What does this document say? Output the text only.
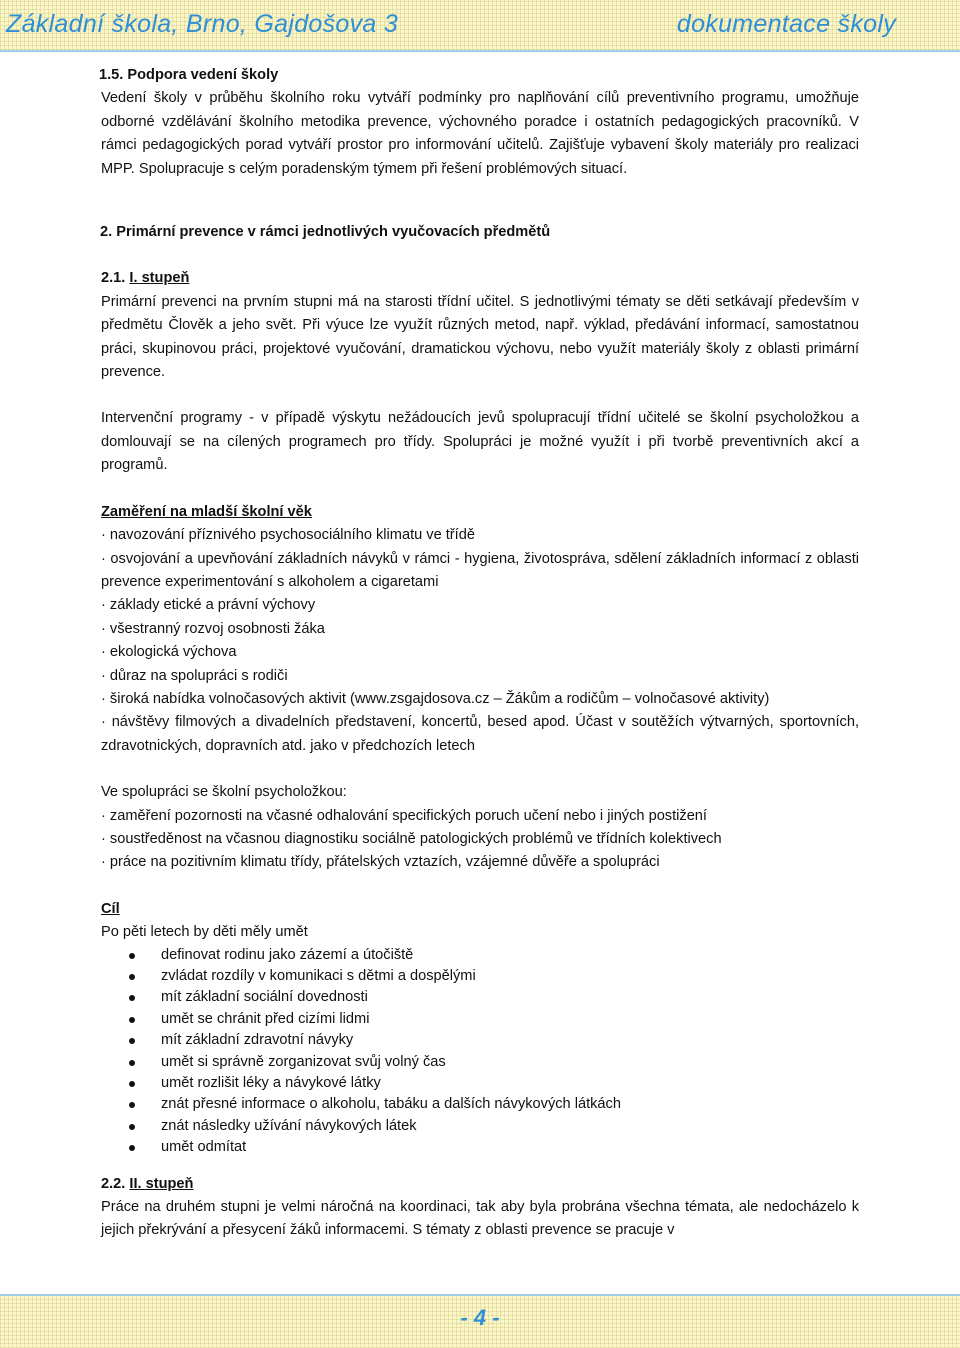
Základní škola, Brno, Gajdošova 3	dokumentace školy

1.5. Podpora vedení školy

Vedení školy v průběhu školního roku vytváří podmínky pro naplňování cílů preventivního programu, umožňuje odborné vzdělávání školního metodika prevence, výchovného poradce i ostatních pedagogických pracovníků. V rámci pedagogických porad vytváří prostor pro informování učitelů. Zajišťuje vybavení školy materiály pro realizaci MPP. Spolupracuje s celým poradenským týmem při řešení problémových situací.

2. Primární prevence v rámci jednotlivých vyučovacích předmětů

2.1. I. stupeň

Primární prevenci na prvním stupni má na starosti třídní učitel. S jednotlivými tématy se děti setkávají především v předmětu Člověk a jeho svět. Při výuce lze využít různých metod, např. výklad, předávání informací, samostatnou práci, skupinovou práci, projektové vyučování, dramatickou výchovu, nebo využít materiály školy z oblasti primární prevence.

Intervenční programy - v případě výskytu nežádoucích jevů spolupracují třídní učitelé se školní psycholožkou a domlouvají se na cílených programech pro třídy. Spolupráci je možné využít i při tvorbě preventivních akcí a programů.

Zaměření na mladší školní věk

· navozování příznivého psychosociálního klimatu ve třídě

· osvojování a upevňování základních návyků v rámci - hygiena, životospráva, sdělení základních informací z oblasti prevence experimentování s alkoholem a cigaretami

· základy etické a právní výchovy

· všestranný rozvoj osobnosti žáka

· ekologická výchova

· důraz na spolupráci s rodiči

· široká nabídka volnočasových aktivit (www.zsgajdosova.cz – Žákům a rodičům – volnočasové aktivity)

· návštěvy filmových a divadelních představení, koncertů, besed apod. Účast v soutěžích výtvarných, sportovních, zdravotnických, dopravních atd. jako v předchozích letech

Ve spolupráci se školní psycholožkou:

· zaměření pozornosti na včasné odhalování specifických poruch učení nebo i jiných postižení

· soustředěnost na včasnou diagnostiku sociálně patologických problémů ve třídních kolektivech

· práce na pozitivním klimatu třídy, přátelských vztazích, vzájemné důvěře a spolupráci

Cíl

Po pěti letech by děti měly umět

definovat rodinu jako zázemí a útočiště
zvládat rozdíly v komunikaci s dětmi a dospělými
mít základní sociální dovednosti
umět se chránit před cizími lidmi
mít základní zdravotní návyky
umět si správně zorganizovat svůj volný čas
umět rozlišit léky a návykové látky
znát přesné informace o alkoholu, tabáku a dalších návykových látkách
znát následky užívání návykových látek
umět odmítat

2.2. II. stupeň

Práce na druhém stupni je velmi náročná na koordinaci, tak aby byla probrána všechna témata, ale nedocházelo k jejich překrývání a přesycení žáků informacemi. S tématy z oblasti prevence se pracuje v

- 4 -
